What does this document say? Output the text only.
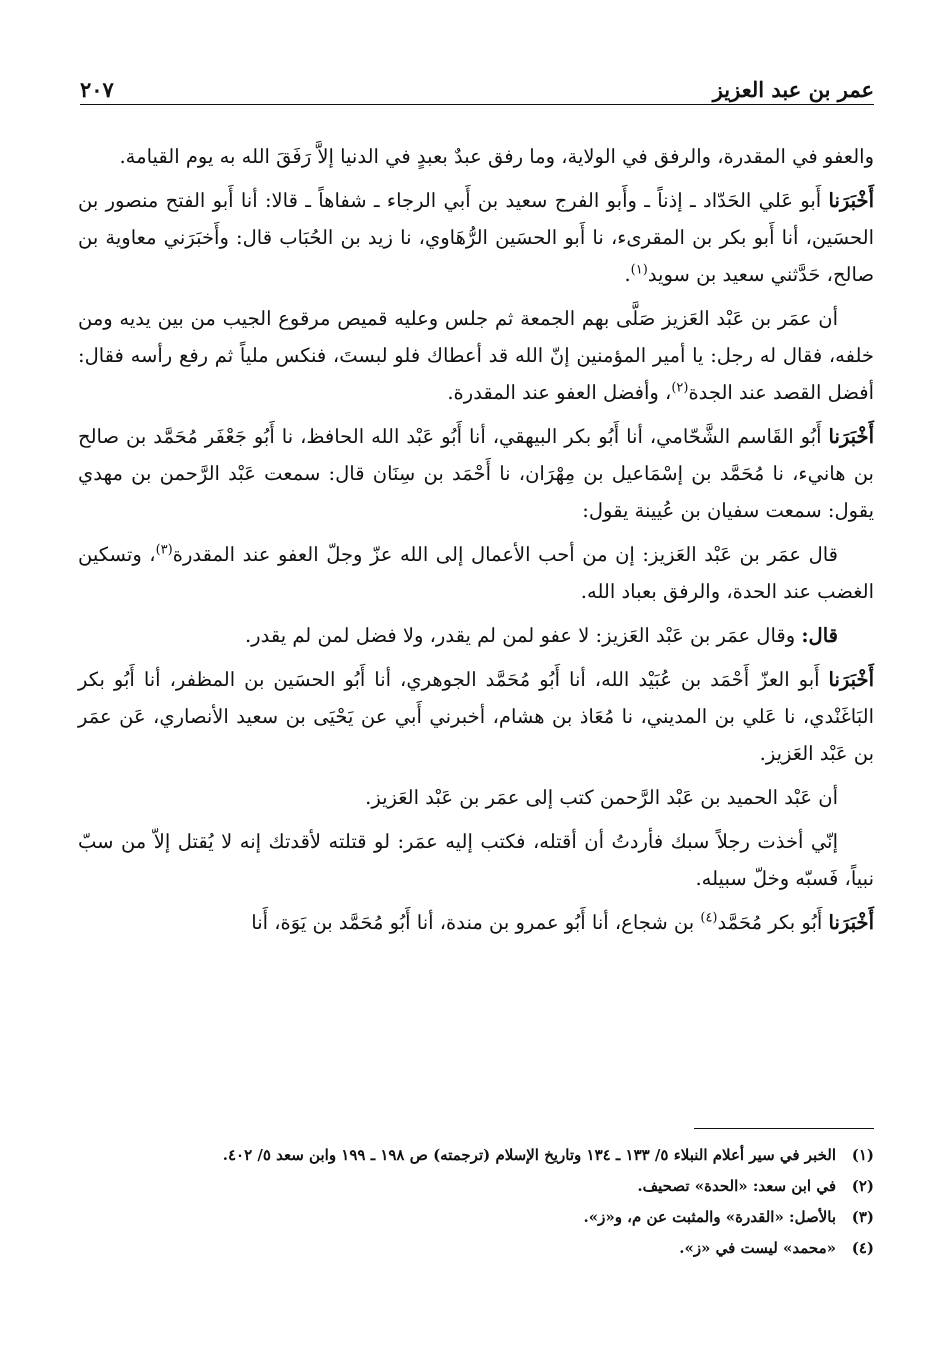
عمر بن عبد العزيز
٢٠٧

والعفو في المقدرة، والرفق في الولاية، وما رفق عبدٌ بعبدٍ في الدنيا إلاَّ رَفَقَ الله به يوم القيامة.

أَخْبَرَنا أَبو عَلي الحَدّاد ـ إذناً ـ وأَبو الفرج سعيد بن أَبي الرجاء ـ شفاهاً ـ قالا: أنا أَبو الفتح منصور بن الحسَين، أنا أَبو بكر بن المقرىء، نا أَبو الحسَين الرُّهَاوي، نا زيد بن الحُبَاب قال: وأَخبَرَني معاوية بن صالح، حَدَّثني سعيد بن سويد$^{(١)}$.

أن عمَر بن عَبْد العَزيز صَلَّى بهم الجمعة ثم جلس وعليه قميص مرقوع الجيب من بين يديه ومن خلفه، فقال له رجل: يا أمير المؤمنين إنّ الله قد أعطاك فلو لبستَ، فنكس ملياً ثم رفع رأسه فقال: أفضل القصد عند الجدة$^{(٢)}$، وأفضل العفو عند المقدرة.

أَخْبَرَنا أَبُو القَاسم الشَّحّامي، أنا أَبُو بكر البيهقي، أنا أَبُو عَبْد الله الحافظ، نا أَبُو جَعْفَر مُحَمَّد بن صالح بن هانيء، نا مُحَمَّد بن إسْمَاعيل بن مِهْرَان، نا أَحْمَد بن سِنَان قال: سمعت عَبْد الرَّحمن بن مهدي يقول: سمعت سفيان بن عُيينة يقول:

قال عمَر بن عَبْد العَزيز: إن من أحب الأعمال إلى الله عزّ وجلّ العفو عند المقدرة$^{(٣)}$، وتسكين الغضب عند الحدة، والرفق بعباد الله.

قال: وقال عمَر بن عَبْد العَزيز: لا عفو لمن لم يقدر، ولا فضل لمن لم يقدر.

أَخْبَرَنا أَبو العزّ أَحْمَد بن عُبَيْد الله، أنا أَبُو مُحَمَّد الجوهري، أنا أَبُو الحسَين بن المظفر، أنا أَبُو بكر البَاغَنْدي، نا عَلي بن المديني، نا مُعَاذ بن هشام، أخبرني أَبي عن يَحْيَى بن سعيد الأنصاري، عَن عمَر بن عَبْد العَزيز.

أن عَبْد الحميد بن عَبْد الرَّحمن كتب إلى عمَر بن عَبْد العَزيز.

إنّي أخذت رجلاً سبك فأردتُ أن أقتله، فكتب إليه عمَر: لو قتلته لأقدتك إنه لا يُقتل إلاّ من سبّ نبياً، فَسبّه وخلّ سبيله.

أَخْبَرَنا أَبُو بكر مُحَمَّد$^{(٤)}$ بن شجاع، أنا أَبُو عمرو بن مندة، أنا أَبُو مُحَمَّد بن يَوَة، أَنا

(١)الخبر في سير أعلام النبلاء ٥/ ١٣٣ ـ ١٣٤ وتاريخ الإسلام (ترجمته) ص ١٩٨ ـ ١٩٩ وابن سعد ٥/ ٤٠٢.
(٢)في ابن سعد: «الحدة» تصحيف.
(٣)بالأصل: «القدرة» والمثبت عن م، و«ز».
(٤)«محمد» ليست في «ز».
